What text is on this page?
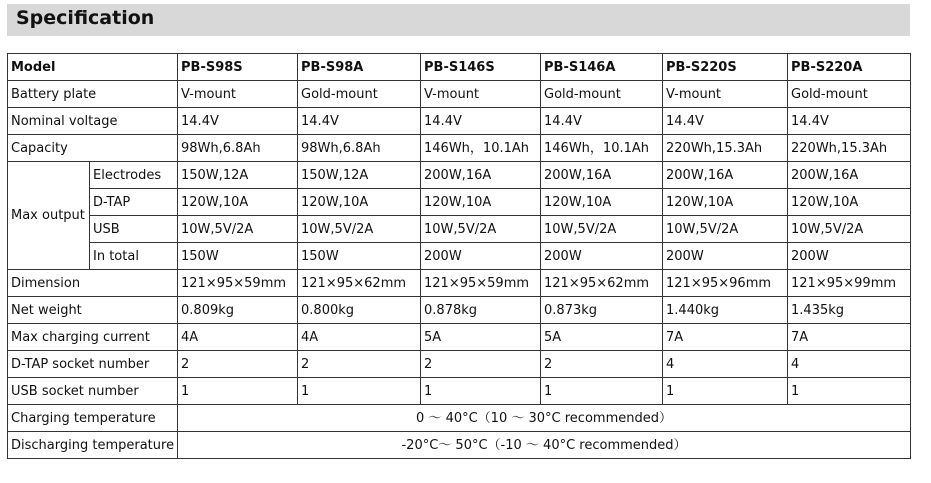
Specification
Model		PB-S98S	PB-S98A	PB-S146S	PB-S146A	PB-S220S	PB-S220A
Battery plate		V-mount	Gold-mount	V-mount	Gold-mount	V-mount	Gold-mount
Nominal voltage		14.4V	14.4V	14.4V	14.4V	14.4V	14.4V
Capacity		98Wh,6.8Ah	98Wh,6.8Ah	146Wh，10.1Ah	146Wh，10.1Ah	220Wh,15.3Ah	220Wh,15.3Ah
Max output	Electrodes	150W,12A	150W,12A	200W,16A	200W,16A	200W,16A	200W,16A
	D-TAP	120W,10A	120W,10A	120W,10A	120W,10A	120W,10A	120W,10A
	USB	10W,5V/2A	10W,5V/2A	10W,5V/2A	10W,5V/2A	10W,5V/2A	10W,5V/2A
	In total	150W	150W	200W	200W	200W	200W
Dimension		121×95×59mm	121×95×62mm	121×95×59mm	121×95×62mm	121×95×96mm	121×95×99mm
Net weight		0.809kg	0.800kg	0.878kg	0.873kg	1.440kg	1.435kg
Max charging current		4A	4A	5A	5A	7A	7A
D-TAP socket number		2	2	2	2	4	4
USB socket number		1	1	1	1	1	1
Charging temperature		0 ～ 40°C（10 ～ 30°C recommended）					
Discharging temperature		-20°C～ 50°C（-10 ～ 40°C recommended）					
